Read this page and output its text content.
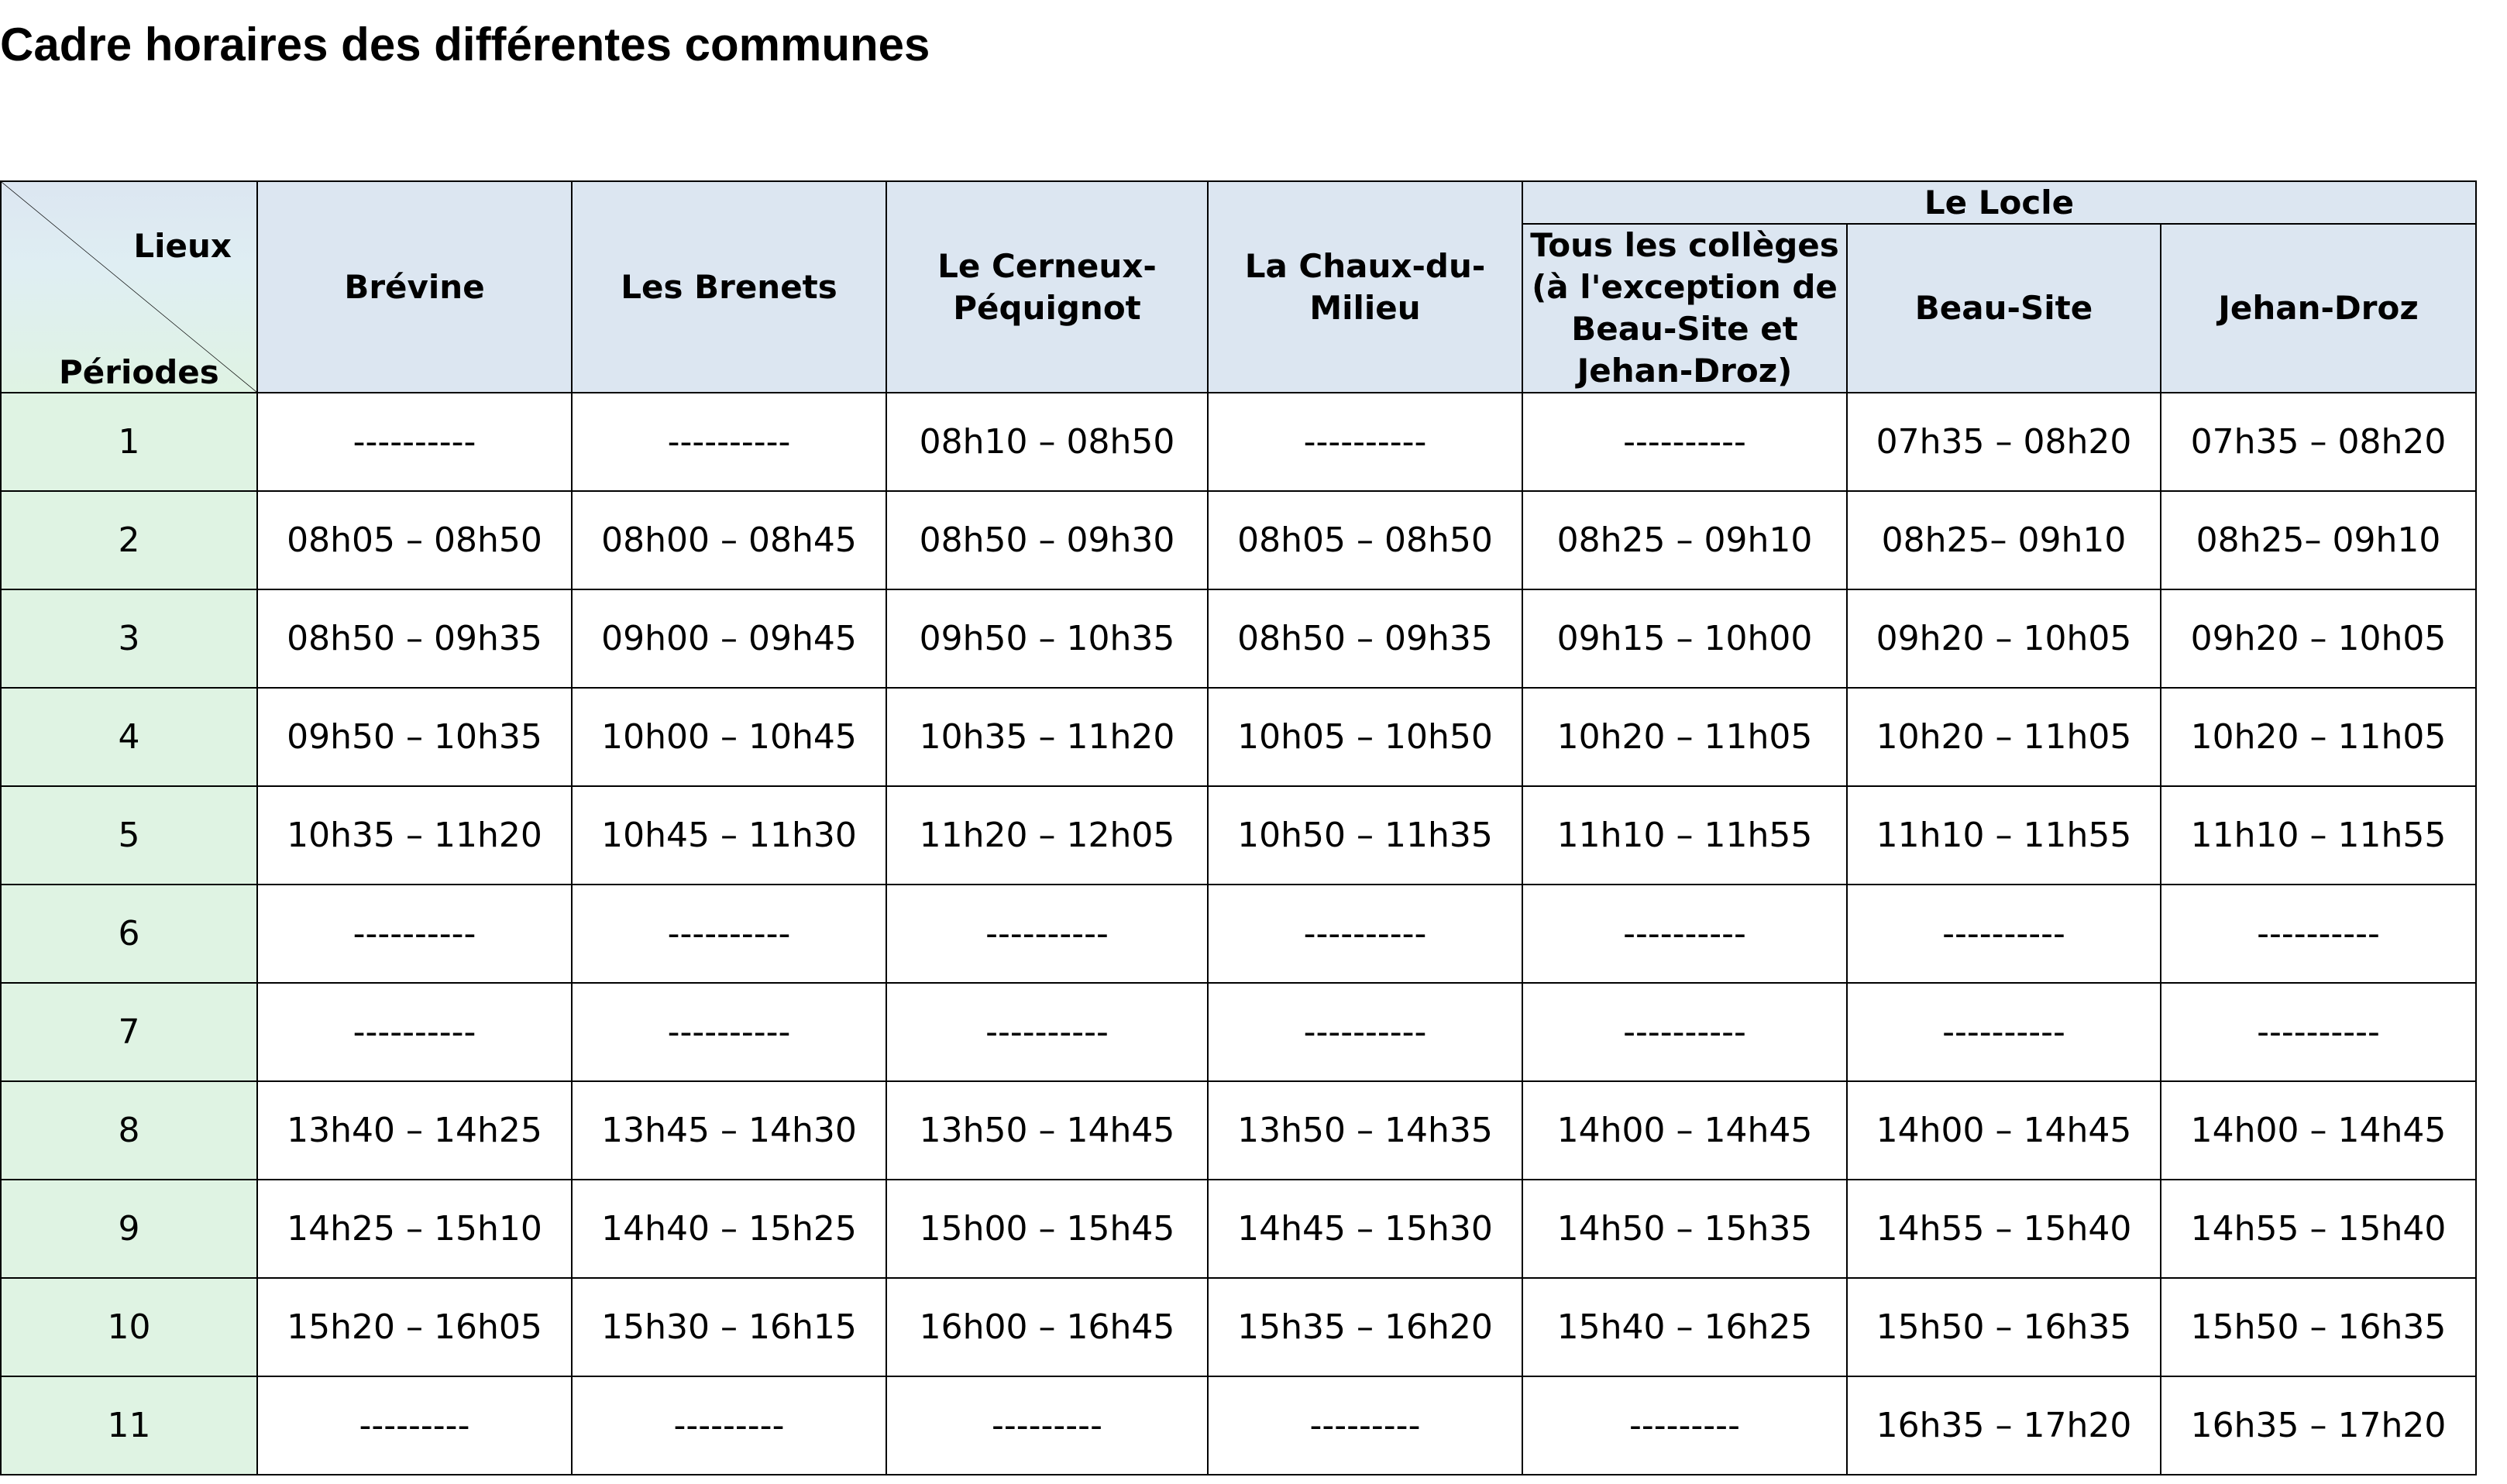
Cadre horaires des différentes communes
Lieux
Périodes	Brévine	Les Brenets	Le Cerneux-Péquignot	La Chaux-du-Milieu	Le Locle		
					Tous les collèges (à l'exception de Beau-Site et Jehan-Droz)	Beau-Site	Jehan-Droz
1	----------	----------	08h10 – 08h50	----------	----------	07h35 – 08h20	07h35 – 08h20
2	08h05 – 08h50	08h00 – 08h45	08h50 – 09h30	08h05 – 08h50	08h25 – 09h10	08h25– 09h10	08h25– 09h10
3	08h50 – 09h35	09h00 – 09h45	09h50 – 10h35	08h50 – 09h35	09h15 – 10h00	09h20 – 10h05	09h20 – 10h05
4	09h50 – 10h35	10h00 – 10h45	10h35 – 11h20	10h05 – 10h50	10h20 – 11h05	10h20 – 11h05	10h20 – 11h05
5	10h35 – 11h20	10h45 – 11h30	11h20 – 12h05	10h50 – 11h35	11h10 – 11h55	11h10 – 11h55	11h10 – 11h55
6	----------	----------	----------	----------	----------	----------	----------
7	----------	----------	----------	----------	----------	----------	----------
8	13h40 – 14h25	13h45 – 14h30	13h50 – 14h45	13h50 – 14h35	14h00 – 14h45	14h00 – 14h45	14h00 – 14h45
9	14h25 – 15h10	14h40 – 15h25	15h00 – 15h45	14h45 – 15h30	14h50 – 15h35	14h55 – 15h40	14h55 – 15h40
10	15h20 – 16h05	15h30 – 16h15	16h00 – 16h45	15h35 – 16h20	15h40 – 16h25	15h50 – 16h35	15h50 – 16h35
11	---------	---------	---------	---------	---------	16h35 – 17h20	16h35 – 17h20
